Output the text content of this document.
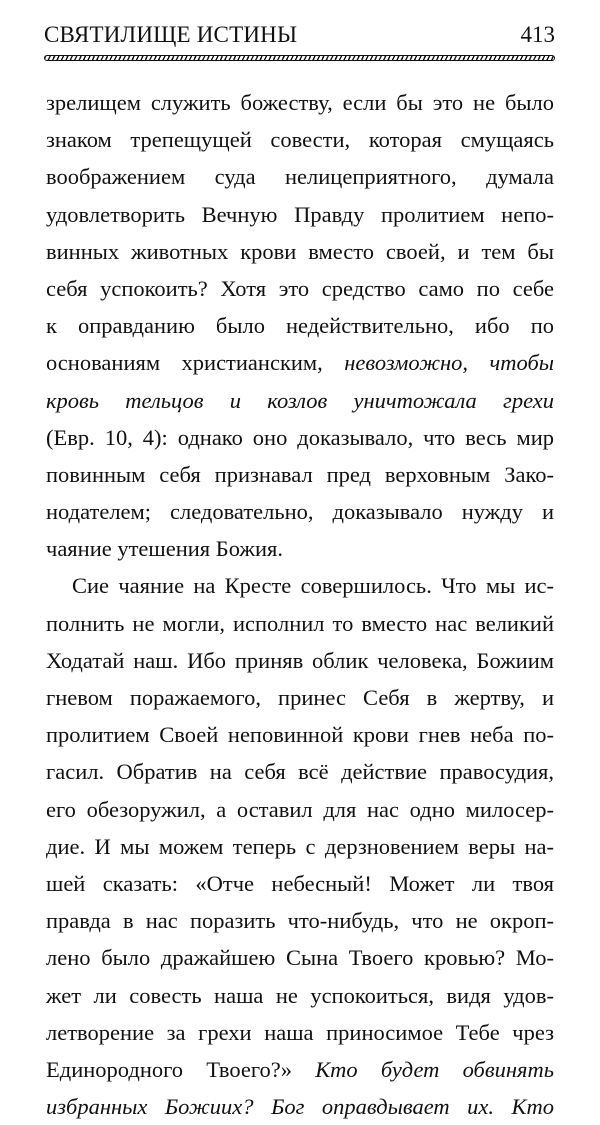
СВЯТИЛИЩЕ ИСТИНЫ	413
зрелищем служить божеству, если бы это не было
знаком трепещущей совести, которая смущаясь
воображением суда нелицеприятного, думала
удовлетворить Вечную Правду пролитием непо-
винных животных крови вместо своей, и тем бы
себя успокоить? Хотя это средство само по себе
к оправданию было недействительно, ибо по
основаниям христианским, невозможно, чтобы
кровь тельцов и козлов уничтожала грехи
(Евр. 10, 4): однако оно доказывало, что весь мир
повинным себя признавал пред верховным Зако-
нодателем; следовательно, доказывало нужду и
чаяние утешения Божия.
Сие чаяние на Кресте совершилось. Что мы ис-
полнить не могли, исполнил то вместо нас великий
Ходатай наш. Ибо приняв облик человека, Божиим
гневом поражаемого, принес Себя в жертву, и
пролитием Своей неповинной крови гнев неба по-
гасил. Обратив на себя всё действие правосудия,
его обезоружил, а оставил для нас одно милосер-
дие. И мы можем теперь с дерзновением веры на-
шей сказать: «Отче небесный! Может ли твоя
правда в нас поразить что-нибудь, что не окроп-
лено было дражайшею Сына Твоего кровью? Мо-
жет ли совесть наша не успокоиться, видя удов-
летворение за грехи наша приносимое Тебе чрез
Единородного Твоего?» Кто будет обвинять
избранных Божиих? Бог оправдывает их. Кто
